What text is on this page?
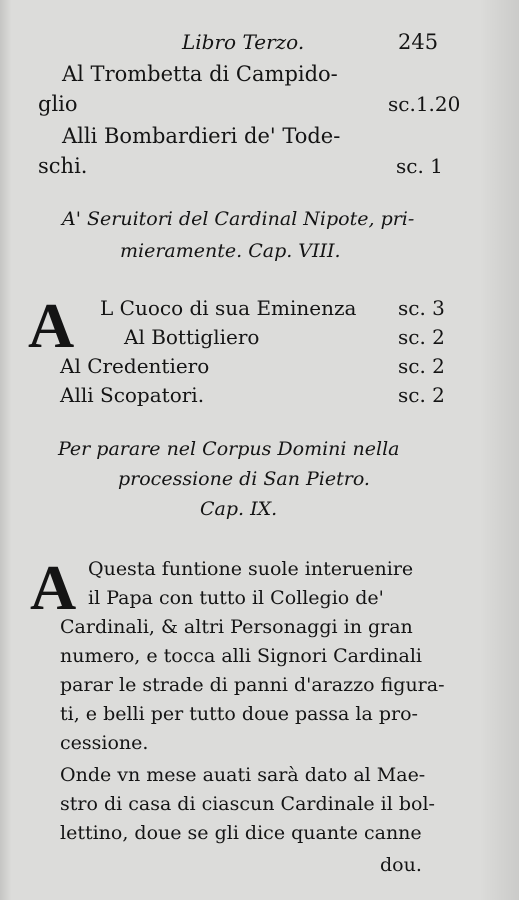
Libro Terzo.	245
Al Trombetta di Campido-
glio	sc.1.20
Alli Bombardieri de' Tode-
schi.	sc. 1
A' Seruitori del Cardinal Nipote, pri-
mieramente. Cap. VIII.
A L Cuoco di sua Eminenza sc. 3
Al Bottigliero	sc. 2
Al Credentiero	sc. 2
Alli Scopatori.	sc. 2
Per parare nel Corpus Domini nella
processione di San Pietro.
Cap. IX.
A Questa funtione suole interuenire
il Papa con tutto il Collegio de'
Cardinali, & altri Personaggi in gran
numero, e tocca alli Signori Cardinali
parar le strade di panni d'arazzo figura-
ti, e belli per tutto doue passa la pro-
cessione.
Onde vn mese auati sarà dato al Mae-
stro di casa di ciascun Cardinale il bol-
lettino, doue se gli dice quante canne
dou.
